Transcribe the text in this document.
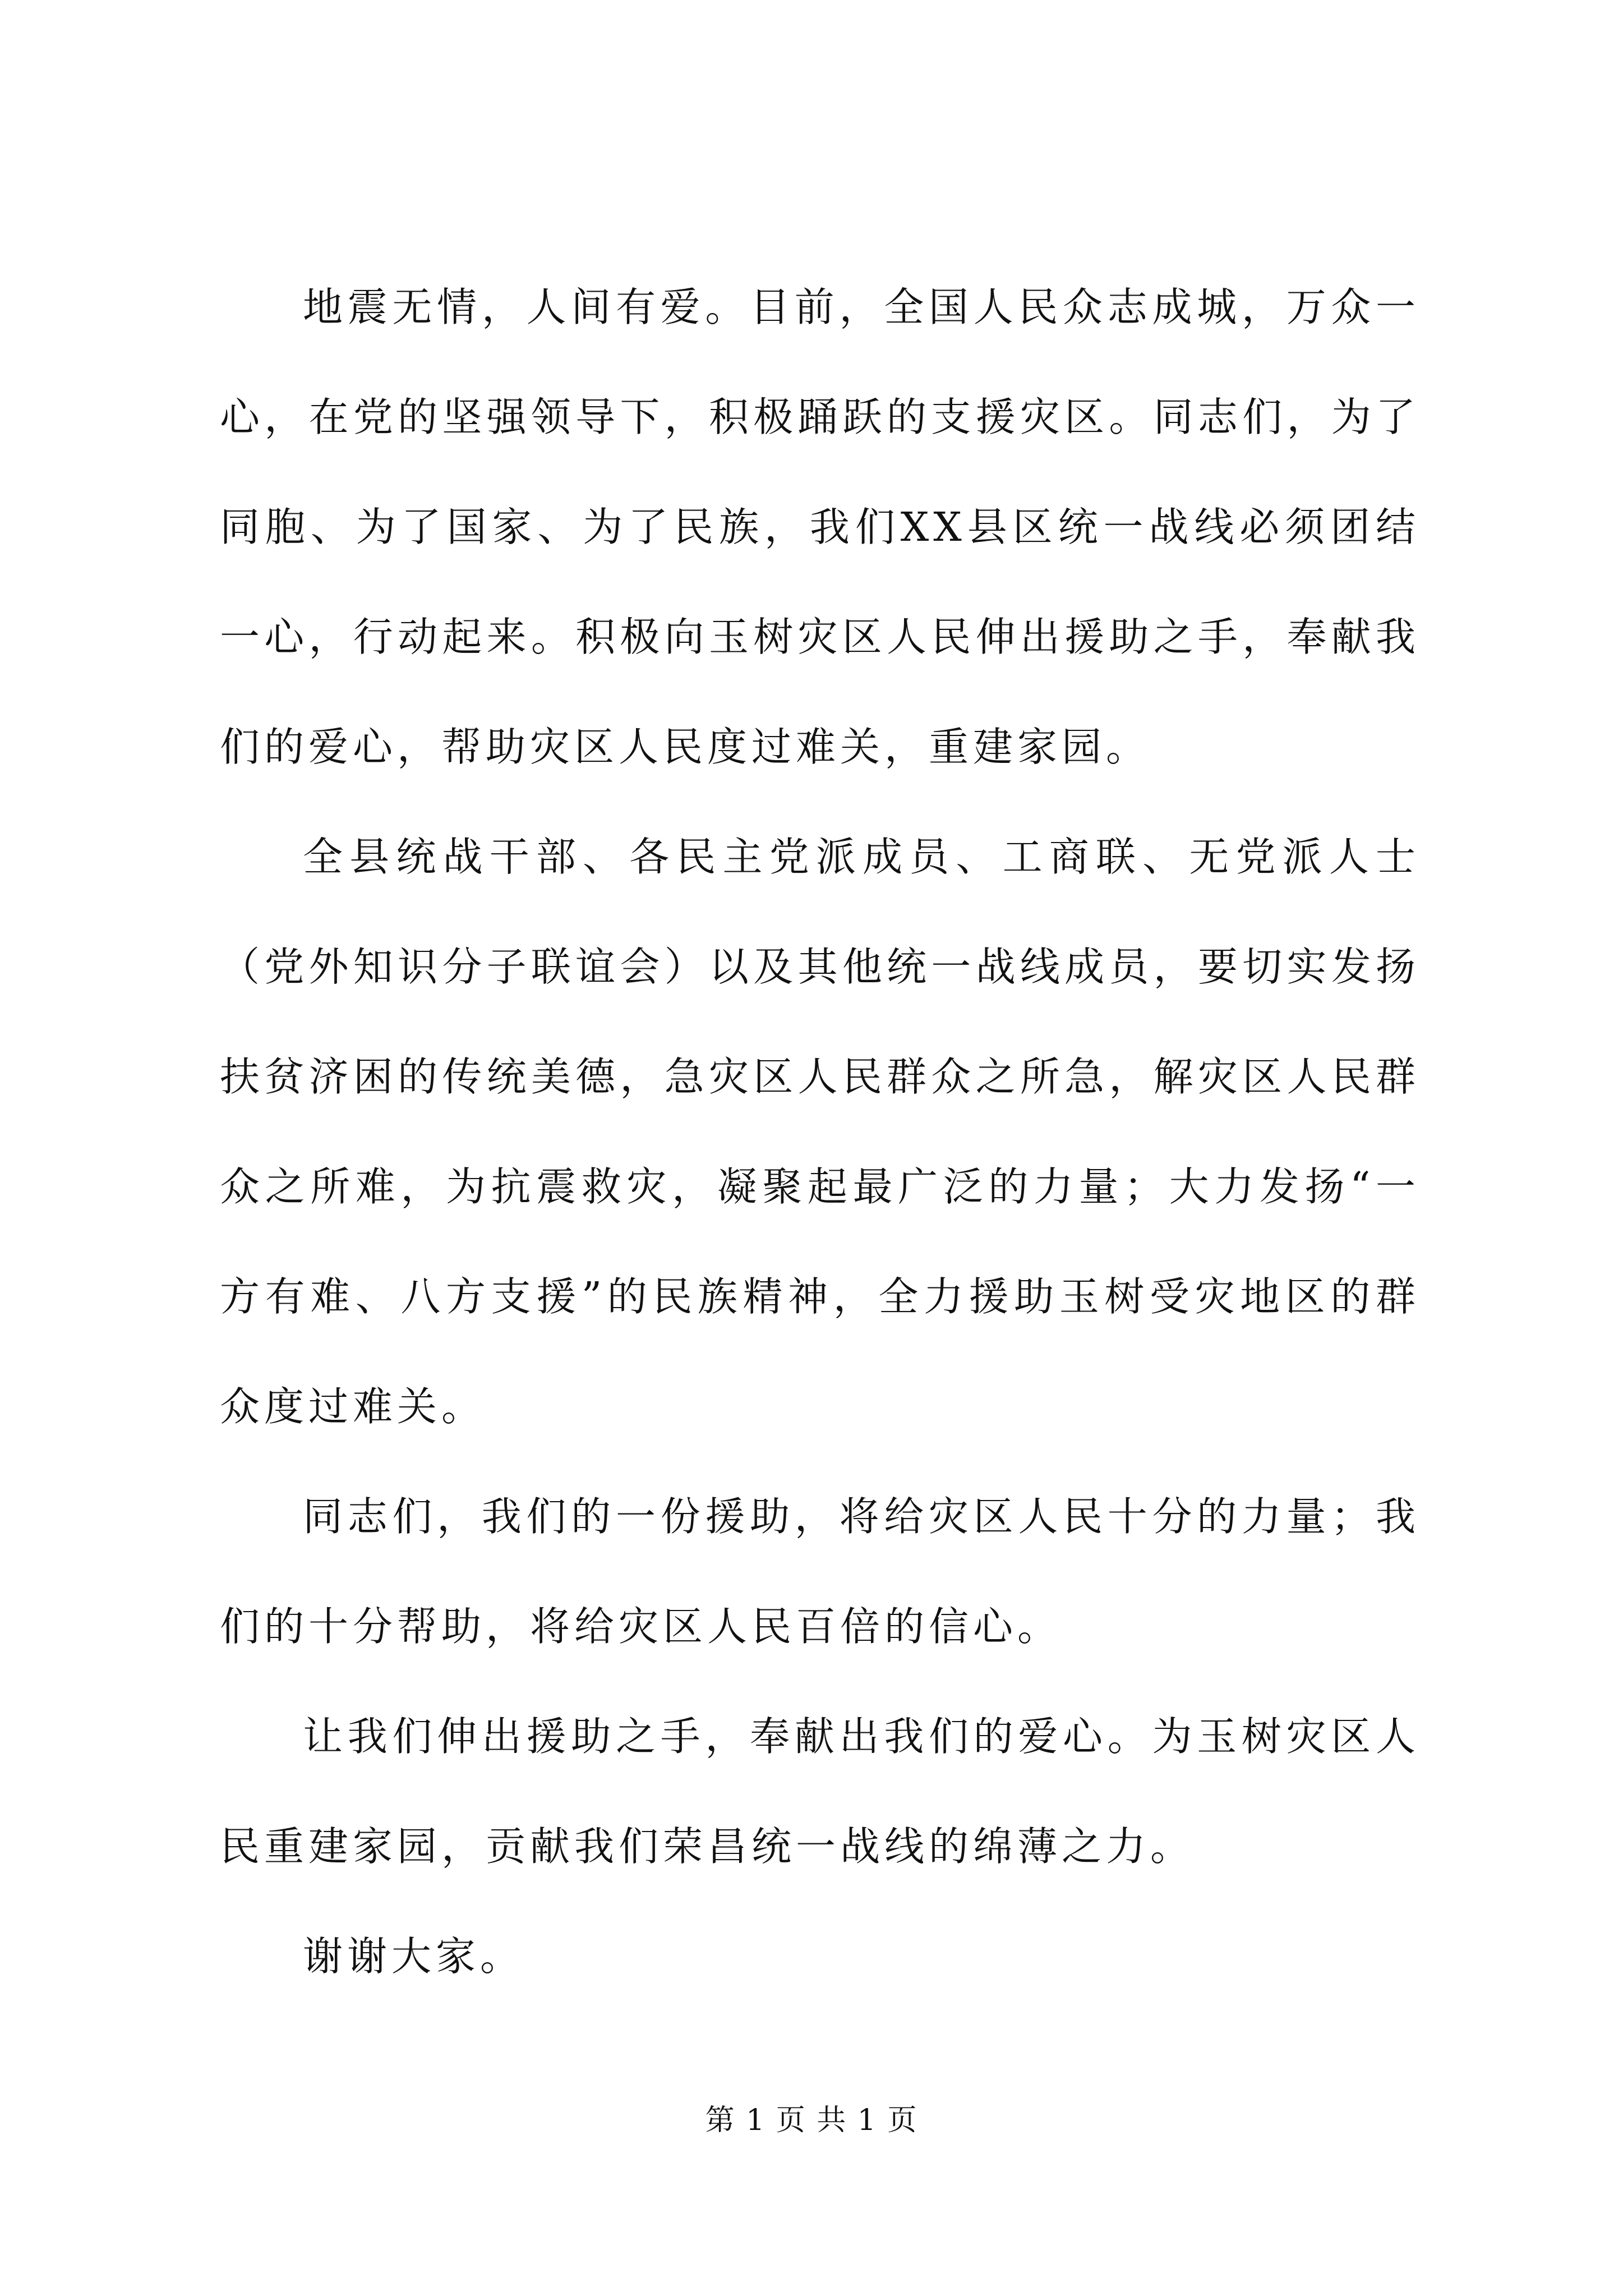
地震无情，人间有爱。目前，全国人民众志成城，万众一心，在党的坚强领导下，积极踊跃的支援灾区。同志们，为了同胞、为了国家、为了民族，我们XX县区统一战线必须团结一心，行动起来。积极向玉树灾区人民伸出援助之手，奉献我们的爱心，帮助灾区人民度过难关，重建家园。

全县统战干部、各民主党派成员、工商联、无党派人士（党外知识分子联谊会）以及其他统一战线成员，要切实发扬扶贫济困的传统美德，急灾区人民群众之所急，解灾区人民群众之所难，为抗震救灾，凝聚起最广泛的力量；大力发扬“一方有难、八方支援”的民族精神，全力援助玉树受灾地区的群众度过难关。

同志们，我们的一份援助，将给灾区人民十分的力量；我们的十分帮助，将给灾区人民百倍的信心。

让我们伸出援助之手，奉献出我们的爱心。为玉树灾区人民重建家园，贡献我们荣昌统一战线的绵薄之力。

谢谢大家。

第 1 页 共 1 页
